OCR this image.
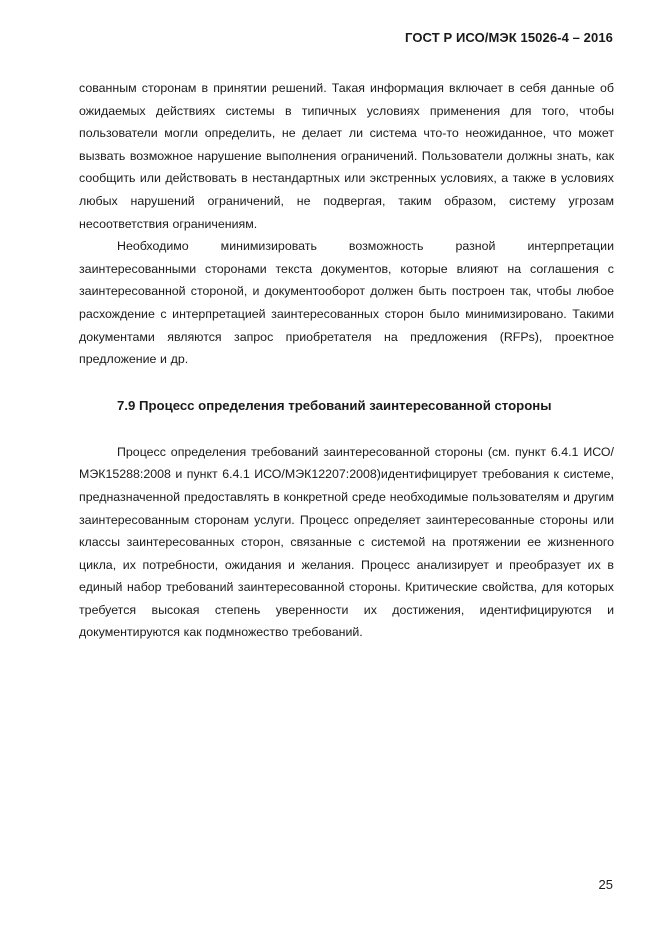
ГОСТ Р ИСО/МЭК 15026-4 – 2016

сованным сторонам в принятии решений. Такая информация включает в себя данные об ожидаемых действиях системы в типичных условиях применения для того, чтобы пользователи могли определить, не делает ли система что-то неожиданное, что может вызвать возможное нарушение выполнения ограничений. Пользователи должны знать, как сообщить или действовать в нестандартных или экстренных условиях, а также в условиях любых нарушений ограничений, не подвергая, таким образом, систему угрозам несоответствия ограничениям.

Необходимо минимизировать возможность разной интерпретации заинтересованными сторонами текста документов, которые влияют на соглашения с заинтересованной стороной, и документооборот должен быть построен так, чтобы любое расхождение с интерпретацией заинтересованных сторон было минимизировано. Такими документами являются запрос приобретателя на предложения (RFPs), проектное предложение и др.

7.9 Процесс определения требований заинтересованной стороны

Процесс определения требований заинтересованной стороны (см. пункт 6.4.1 ИСО/МЭК15288:2008 и пункт 6.4.1 ИСО/МЭК12207:2008)идентифицирует требования к системе, предназначенной предоставлять в конкретной среде необходимые пользователям и другим заинтересованным сторонам услуги. Процесс определяет заинтересованные стороны или классы заинтересованных сторон, связанные с системой на протяжении ее жизненного цикла, их потребности, ожидания и желания. Процесс анализирует и преобразует их в единый набор требований заинтересованной стороны. Критические свойства, для которых требуется высокая степень уверенности их достижения, идентифицируются и документируются как подмножество требований.

25
